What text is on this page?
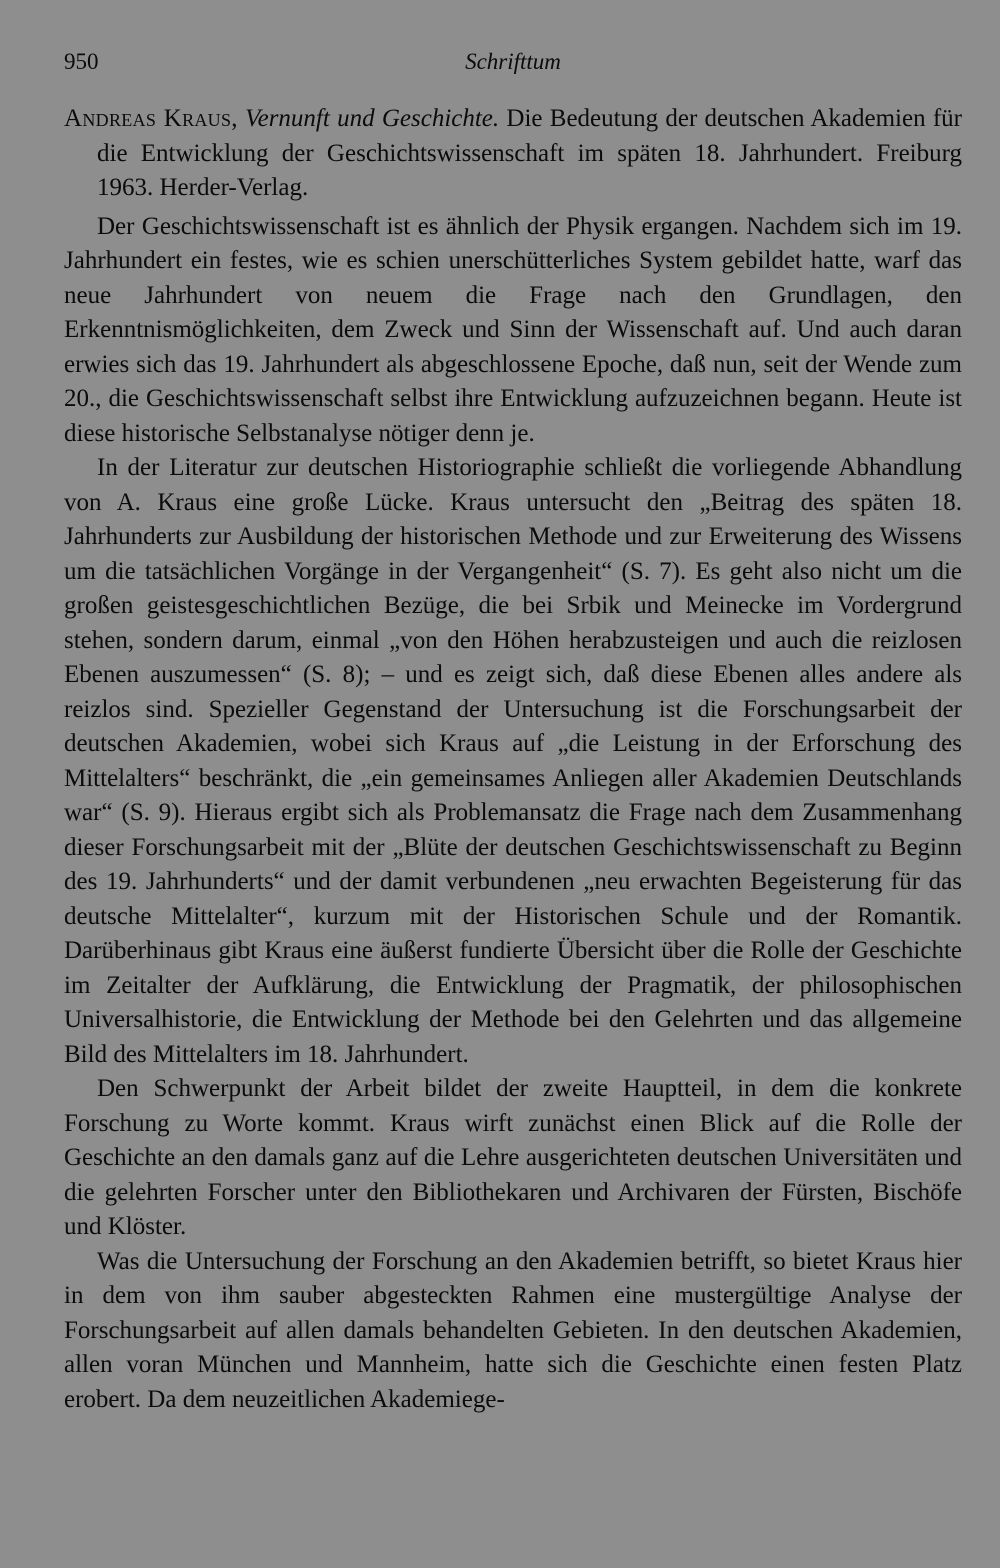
950	Schrifttum

Andreas Kraus, Vernunft und Geschichte. Die Bedeutung der deutschen Akademien für die Entwicklung der Geschichtswissenschaft im späten 18. Jahrhundert. Freiburg 1963. Herder-Verlag.

Der Geschichtswissenschaft ist es ähnlich der Physik ergangen. Nachdem sich im 19. Jahrhundert ein festes, wie es schien unerschütterliches System gebildet hatte, warf das neue Jahrhundert von neuem die Frage nach den Grundlagen, den Erkenntnismöglichkeiten, dem Zweck und Sinn der Wissenschaft auf. Und auch daran erwies sich das 19. Jahrhundert als abgeschlossene Epoche, daß nun, seit der Wende zum 20., die Geschichtswissenschaft selbst ihre Entwicklung aufzuzeichnen begann. Heute ist diese historische Selbstanalyse nötiger denn je.

In der Literatur zur deutschen Historiographie schließt die vorliegende Abhandlung von A. Kraus eine große Lücke. Kraus untersucht den „Beitrag des späten 18. Jahrhunderts zur Ausbildung der historischen Methode und zur Erweiterung des Wissens um die tatsächlichen Vorgänge in der Vergangenheit“ (S. 7). Es geht also nicht um die großen geistesgeschichtlichen Bezüge, die bei Srbik und Meinecke im Vordergrund stehen, sondern darum, einmal „von den Höhen herabzusteigen und auch die reizlosen Ebenen auszumessen“ (S. 8); – und es zeigt sich, daß diese Ebenen alles andere als reizlos sind. Spezieller Gegenstand der Untersuchung ist die Forschungsarbeit der deutschen Akademien, wobei sich Kraus auf „die Leistung in der Erforschung des Mittelalters“ beschränkt, die „ein gemeinsames Anliegen aller Akademien Deutschlands war“ (S. 9). Hieraus ergibt sich als Problemansatz die Frage nach dem Zusammenhang dieser Forschungsarbeit mit der „Blüte der deutschen Geschichtswissenschaft zu Beginn des 19. Jahrhunderts“ und der damit verbundenen „neu erwachten Begeisterung für das deutsche Mittelalter“, kurzum mit der Historischen Schule und der Romantik. Darüberhinaus gibt Kraus eine äußerst fundierte Übersicht über die Rolle der Geschichte im Zeitalter der Aufklärung, die Entwicklung der Pragmatik, der philosophischen Universalhistorie, die Entwicklung der Methode bei den Gelehrten und das allgemeine Bild des Mittelalters im 18. Jahrhundert.

Den Schwerpunkt der Arbeit bildet der zweite Hauptteil, in dem die konkrete Forschung zu Worte kommt. Kraus wirft zunächst einen Blick auf die Rolle der Geschichte an den damals ganz auf die Lehre ausgerichteten deutschen Universitäten und die gelehrten Forscher unter den Bibliothekaren und Archivaren der Fürsten, Bischöfe und Klöster.

Was die Untersuchung der Forschung an den Akademien betrifft, so bietet Kraus hier in dem von ihm sauber abgesteckten Rahmen eine mustergültige Analyse der Forschungsarbeit auf allen damals behandelten Gebieten. In den deutschen Akademien, allen voran München und Mannheim, hatte sich die Geschichte einen festen Platz erobert. Da dem neuzeitlichen Akademiege-
